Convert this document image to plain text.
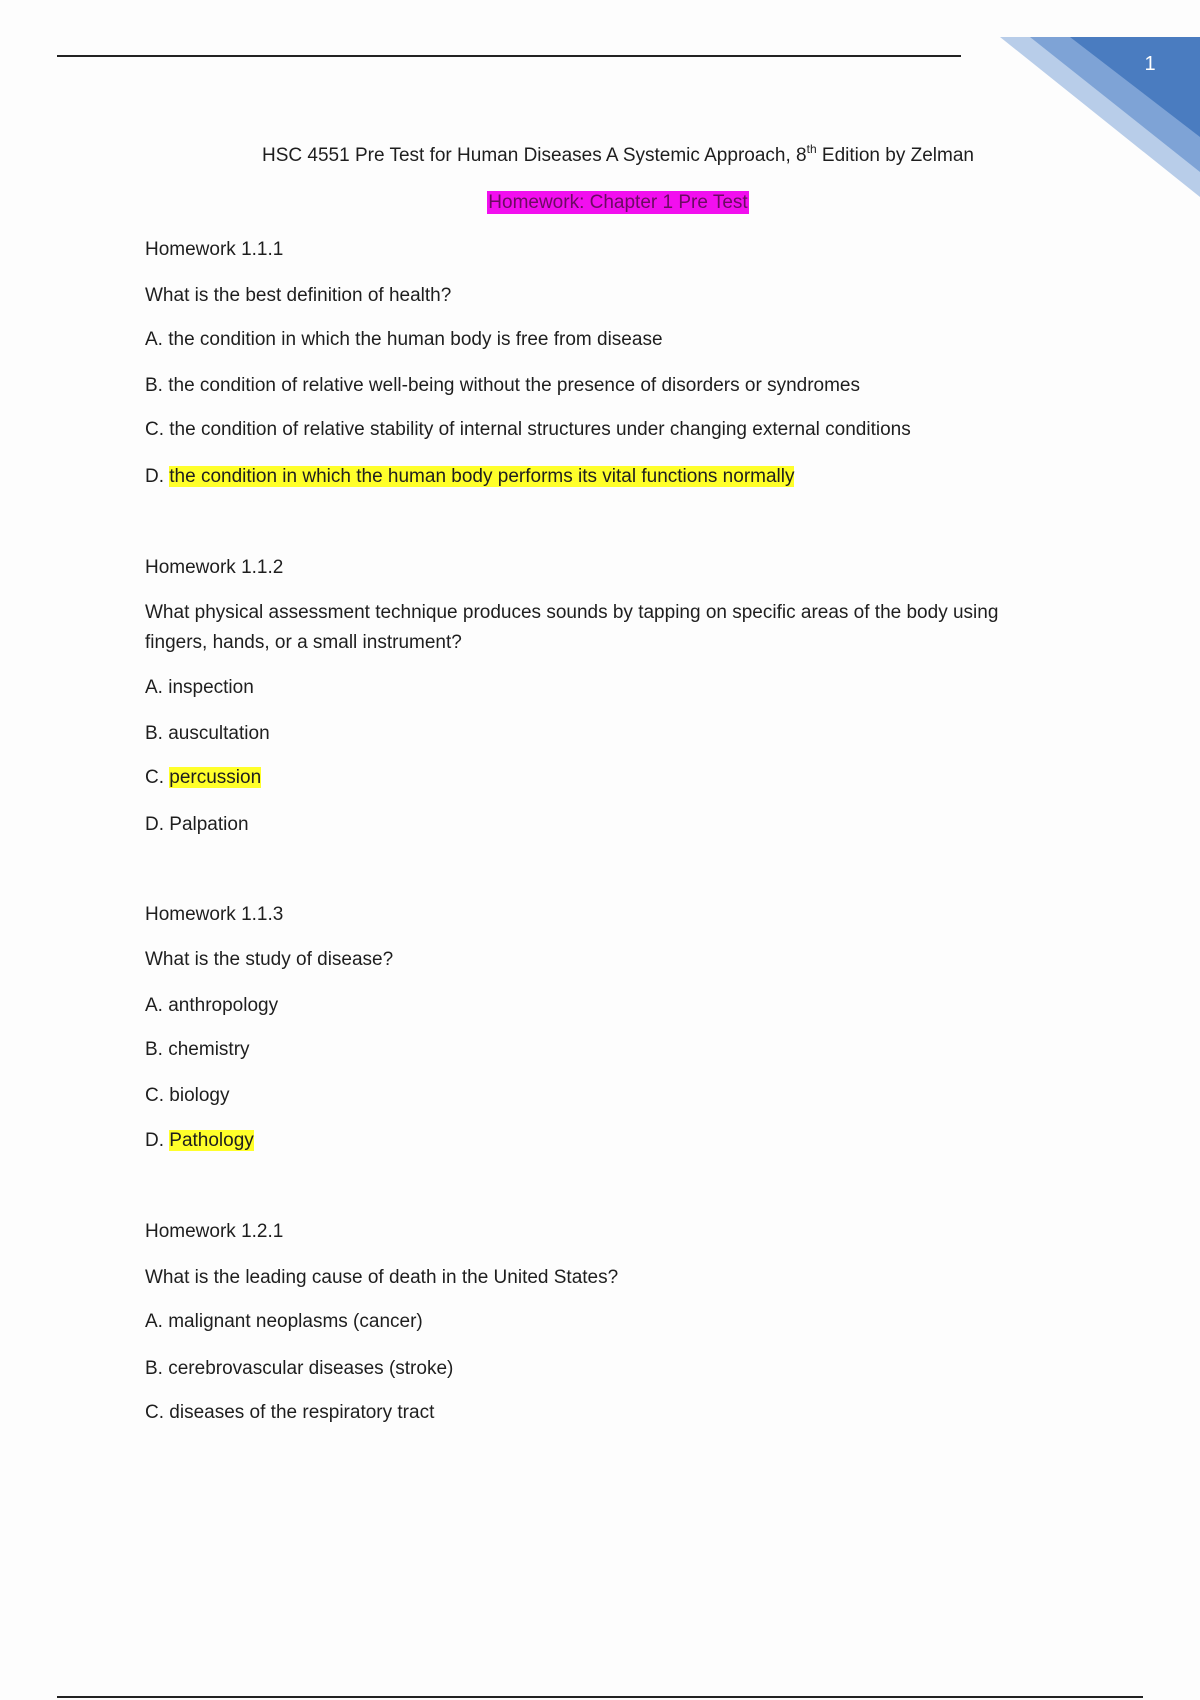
1
HSC 4551 Pre Test for Human Diseases A Systemic Approach, 8th Edition by Zelman
Homework: Chapter 1 Pre Test
Homework 1.1.1
What is the best definition of health?
A. the condition in which the human body is free from disease
B. the condition of relative well-being without the presence of disorders or syndromes
C. the condition of relative stability of internal structures under changing external conditions
D. the condition in which the human body performs its vital functions normally
Homework 1.1.2
What physical assessment technique produces sounds by tapping on specific areas of the body using
fingers, hands, or a small instrument?
A. inspection
B. auscultation
C. percussion
D. Palpation
Homework 1.1.3
What is the study of disease?
A. anthropology
B. chemistry
C. biology
D. Pathology
Homework 1.2.1
What is the leading cause of death in the United States?
A. malignant neoplasms (cancer)
B. cerebrovascular diseases (stroke)
C. diseases of the respiratory tract
